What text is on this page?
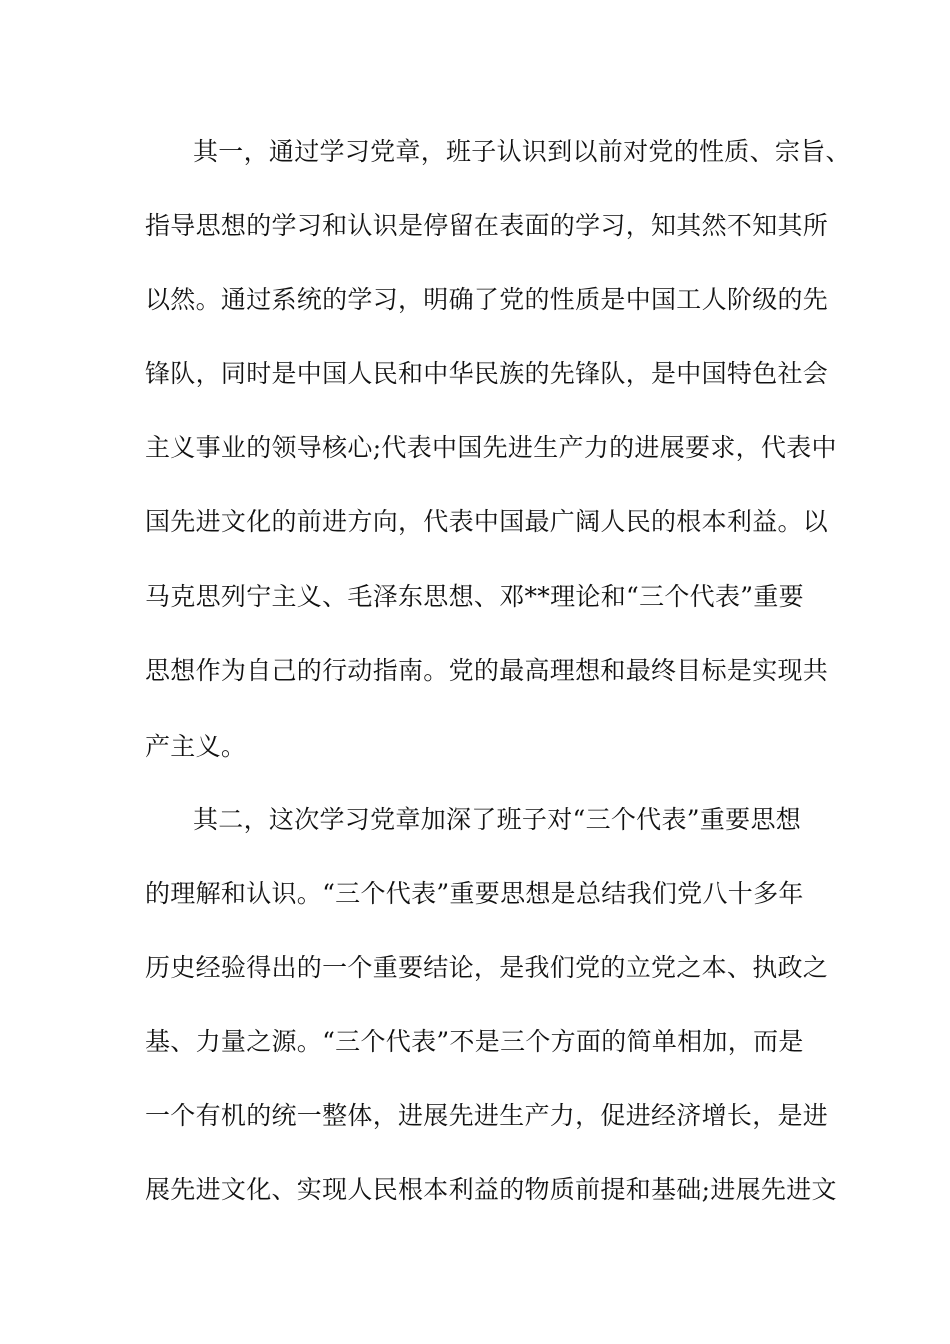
其一，通过学习党章，班子认识到以前对党的性质、宗旨、
指导思想的学习和认识是停留在表面的学习，知其然不知其所
以然。通过系统的学习，明确了党的性质是中国工人阶级的先
锋队，同时是中国人民和中华民族的先锋队，是中国特色社会
主义事业的领导核心;代表中国先进生产力的进展要求，代表中
国先进文化的前进方向，代表中国最广阔人民的根本利益。以
马克思列宁主义、毛泽东思想、邓**理论和“三个代表”重要
思想作为自己的行动指南。党的最高理想和最终目标是实现共
产主义。
其二，这次学习党章加深了班子对“三个代表”重要思想
的理解和认识。“三个代表”重要思想是总结我们党八十多年
历史经验得出的一个重要结论，是我们党的立党之本、执政之
基、力量之源。“三个代表”不是三个方面的简单相加，而是
一个有机的统一整体，进展先进生产力，促进经济增长，是进
展先进文化、实现人民根本利益的物质前提和基础;进展先进文
